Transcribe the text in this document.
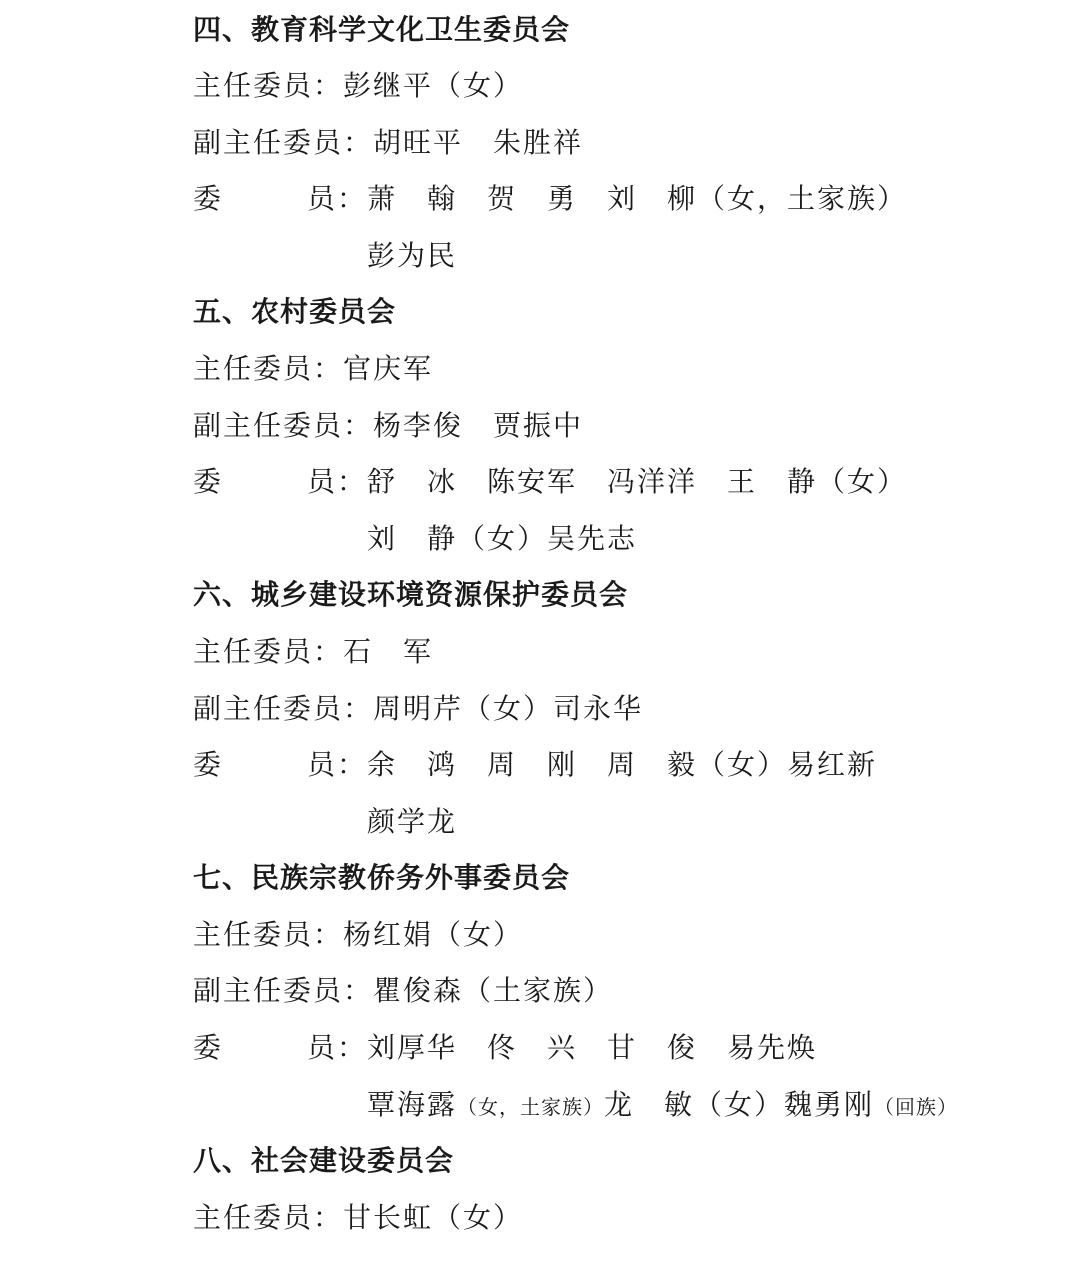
四、教育科学文化卫生委员会
主任委员：彭继平（女）
副主任委员：胡旺平　朱胜祥
委	员： 萧　翰　贺　勇　刘　柳（女，土家族）
彭为民
五、农村委员会
主任委员：官庆军
副主任委员：杨李俊　贾振中
委	员： 舒　冰　陈安军　冯洋洋　王　静（女）
刘　静（女）吴先志
六、城乡建设环境资源保护委员会
主任委员：石　军
副主任委员：周明芹（女）司永华
委	员： 余　鸿　周　刚　周　毅（女）易红新
颜学龙
七、民族宗教侨务外事委员会
主任委员：杨红娟（女）
副主任委员：瞿俊森（土家族）
委	员： 刘厚华　佟　兴　甘　俊　易先焕
覃海露（女，土家族）龙　敏（女）魏勇刚（回族）
八、社会建设委员会
主任委员：甘长虹（女）
